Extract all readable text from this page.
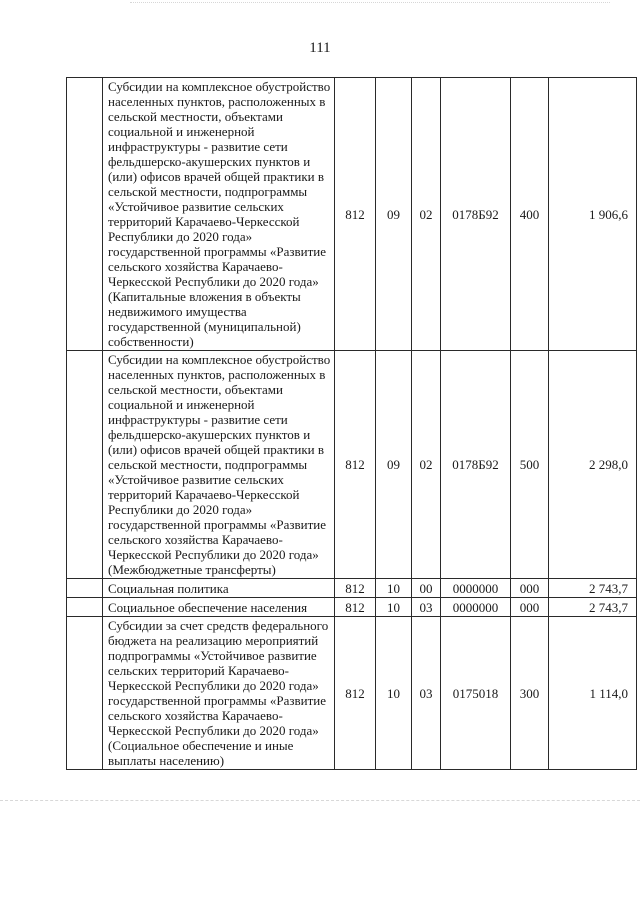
111
	Субсидии на комплексное обустройство населенных пунктов, расположенных в сельской местности, объектами социальной и инженерной инфраструктуры - развитие сети фельдшерско-акушерских пунктов и (или) офисов врачей общей практики в сельской местности, подпрограммы «Устойчивое развитие сельских территорий Карачаево-Черкесской Республики до 2020 года» государственной программы «Развитие сельского хозяйства Карачаево-Черкесской Республики до 2020 года» (Капитальные вложения в объекты недвижимого имущества государственной (муниципальной) собственности)	812	09	02	0178Б92	400	1 906,6
	Субсидии на комплексное обустройство населенных пунктов, расположенных в сельской местности, объектами социальной и инженерной инфраструктуры - развитие сети фельдшерско-акушерских пунктов и (или) офисов врачей общей практики в сельской местности, подпрограммы «Устойчивое развитие сельских территорий Карачаево-Черкесской Республики до 2020 года» государственной программы «Развитие сельского хозяйства Карачаево-Черкесской Республики до 2020 года» (Межбюджетные трансферты)	812	09	02	0178Б92	500	2 298,0
	Социальная политика	812	10	00	0000000	000	2 743,7
	Социальное обеспечение населения	812	10	03	0000000	000	2 743,7
	Субсидии за счет средств федерального бюджета на реализацию мероприятий подпрограммы «Устойчивое развитие сельских территорий Карачаево-Черкесской Республики до 2020 года» государственной программы «Развитие сельского хозяйства Карачаево-Черкесской Республики до 2020 года» (Социальное обеспечение и иные выплаты населению)	812	10	03	0175018	300	1 114,0
